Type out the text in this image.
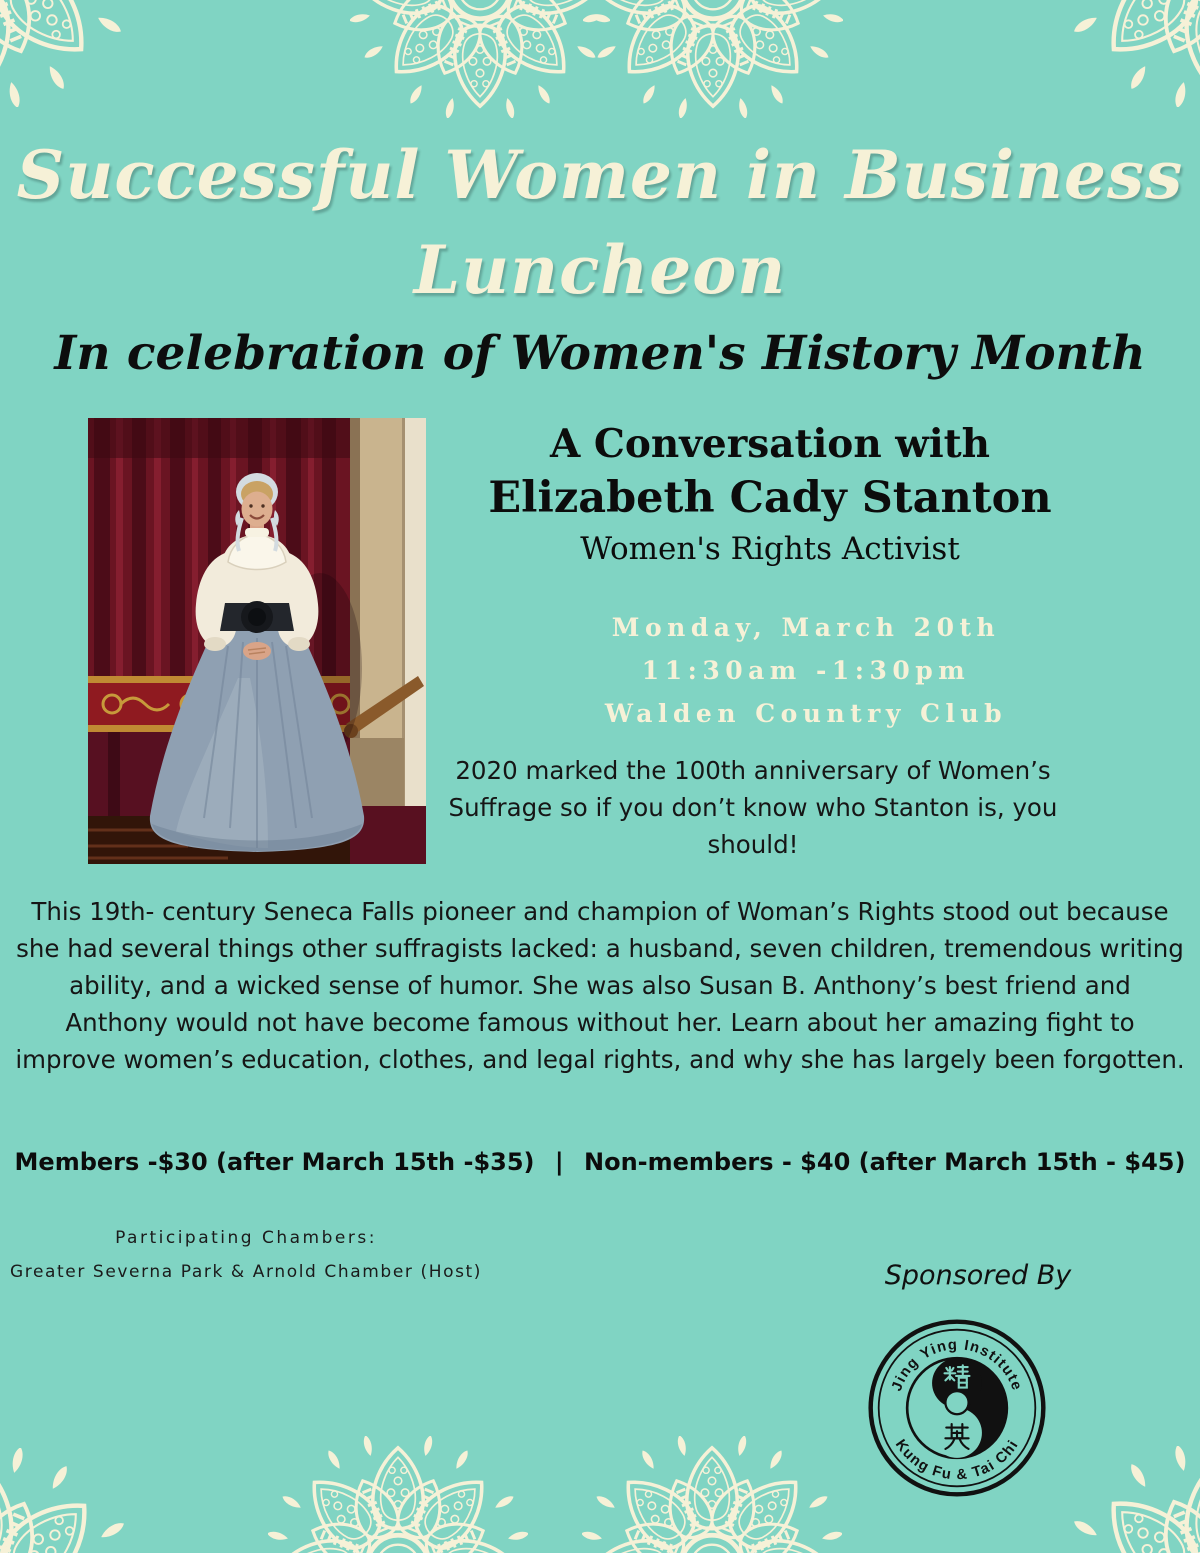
Successful Women in Business
Luncheon
In celebration of Women's History Month
A Conversation with
Elizabeth Cady Stanton
Women's Rights Activist
Monday, March 20th
11:30am -1:30pm
Walden Country Club
2020 marked the 100th anniversary of Women’s Suffrage so if you don’t know who Stanton is, you should!
This 19th- century Seneca Falls pioneer and champion of Woman’s Rights stood out because she had several things other suffragists lacked: a husband, seven children, tremendous writing ability, and a wicked sense of humor. She was also Susan B. Anthony’s best friend and Anthony would not have become famous without her. Learn about her amazing fight to improve women’s education, clothes, and legal rights, and why she has largely been forgotten.
Members -$30 (after March 15th -$35) | Non-members - $40 (after March 15th - $45)
Participating Chambers:
Greater Severna Park & Arnold Chamber (Host)	Sponsored By
Jing Ying Institute
Kung Fu & Tai Chi
